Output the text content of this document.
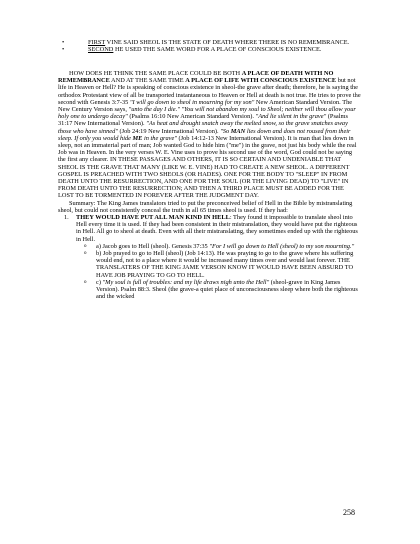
•	FIRST VINE SAID SHEOL IS THE STATE OF DEATH WHERE THERE IS NO REMEMBRANCE.
•	SECOND HE USED THE SAME WORD FOR A PLACE OF CONSCIOUS EXISTENCE.

HOW DOES HE THINK THE SAME PLACE COULD BE BOTH A PLACE OF DEATH WITH NO REMEMBRANCE AND AT THE SAME TIME A PLACE OF LIFE WITH CONSCIOUS EXISTENCE but not life in Heaven or Hell? He is speaking of conscious existence in sheol-the grave after death; therefore, he is saying the orthodox Protestant view of all be transported instantaneous to Heaven or Hell at death is not true. He tries to prove the second with Genesis 3:7-35 "I will go down to sheol in mourning for my son" New American Standard Version. The New Century Version says, "unto the day I die." "You will not abandon my soul to Sheol; neither will thou allow your holy one to undergo decay" (Psalms 16:10 New American Standard Version). "And lie silent in the grave" (Psalms 31:17 New International Version). "As heat and drought snatch away the melted snow, so the grave snatches away those who have sinned" (Job 24:19 New International Version). "So MAN lies down and does not roused from their sleep. If only you would hide ME in the grave" (Job 14:12-13 New International Version). It is man that lies down in sleep, not an immaterial part of man; Job wanted God to hide him ("me") in the grave, not just his body while the real Job was in Heaven. In the very verses W. E. Vine uses to prove his second use of the word, God could not be saying the first any clearer. IN THESE PASSAGES AND OTHERS, IT IS SO CERTAIN AND UNDENIABLE THAT SHEOL IS THE GRAVE THAT MANY (LIKE W. E. VINE) HAD TO CREATE A NEW SHEOL. A DIFFERENT GOSPEL IS PREACHED WITH TWO SHEOLS (OR HADES). ONE FOR THE BODY TO "SLEEP" IN FROM DEATH UNTO THE RESURRECTION, AND ONE FOR THE SOUL (OR THE LIVING DEAD) TO "LIVE" IN FROM DEATH UNTO THE RESURRECTION; AND THEN A THIRD PLACE MUST BE ADDED FOR THE LOST TO BE TORMENTED IN FOREVER AFTER THE JUDGMENT DAY.

Summary: The King James translators tried to put the preconceived belief of Hell in the Bible by mistranslating sheol, but could not consistently conceal the truth in all 65 times sheol is used. If they had:

1. THEY WOULD HAVE PUT ALL MAN KIND IN HELL: They found it impossible to translate sheol into Hell every time it is used. If they had been consistent in their mistranslation, they would have put the righteous in Hell. All go to sheol at death. Even with all their mistranslating, they sometimes ended up with the righteous in Hell.

o a) Jacob goes to Hell (sheol). Genesis 37:35 "For I will go down to Hell (sheol) to my son mourning."

o b) Job prayed to go to Hell (sheol) (Job 14:13). He was praying to go to the grave where his suffering would end, not to a place where it would be increased many times over and would last forever. THE TRANSLATERS OF THE KING JAME VERSON KNOW IT WOULD HAVE BEEN ABSURD TO HAVE JOB PRAYING TO GO TO HELL.

o c) "My soul is full of troubles: and my life draws nigh unto the Hell" (sheol-grave in King James Version). Psalm 88:3. Sheol (the grave-a quiet place of unconsciousness sleep where both the righteous and the wicked

258
